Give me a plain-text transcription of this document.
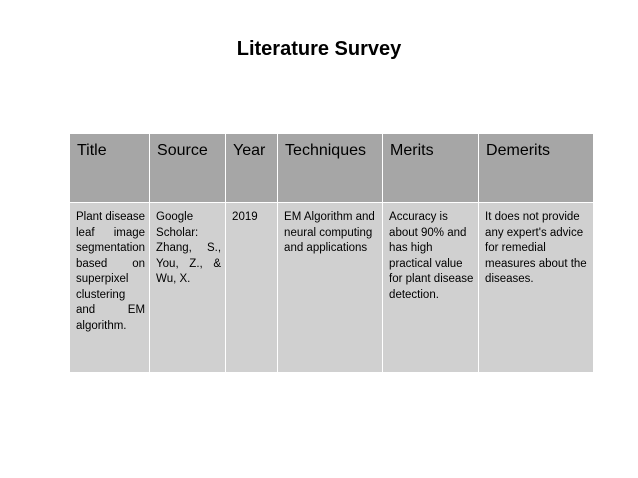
Literature Survey
Title	Source	Year	Techniques	Merits	Demerits
Plant disease leaf image segmentation based on superpixel clustering and EM algorithm.	Google Scholar: Zhang, S., You, Z., & Wu, X.	2019	EM Algorithm and neural computing and applications	Accuracy is about 90% and has high practical value for plant disease detection.	It does not provide any expert's advice for remedial measures about the diseases.
